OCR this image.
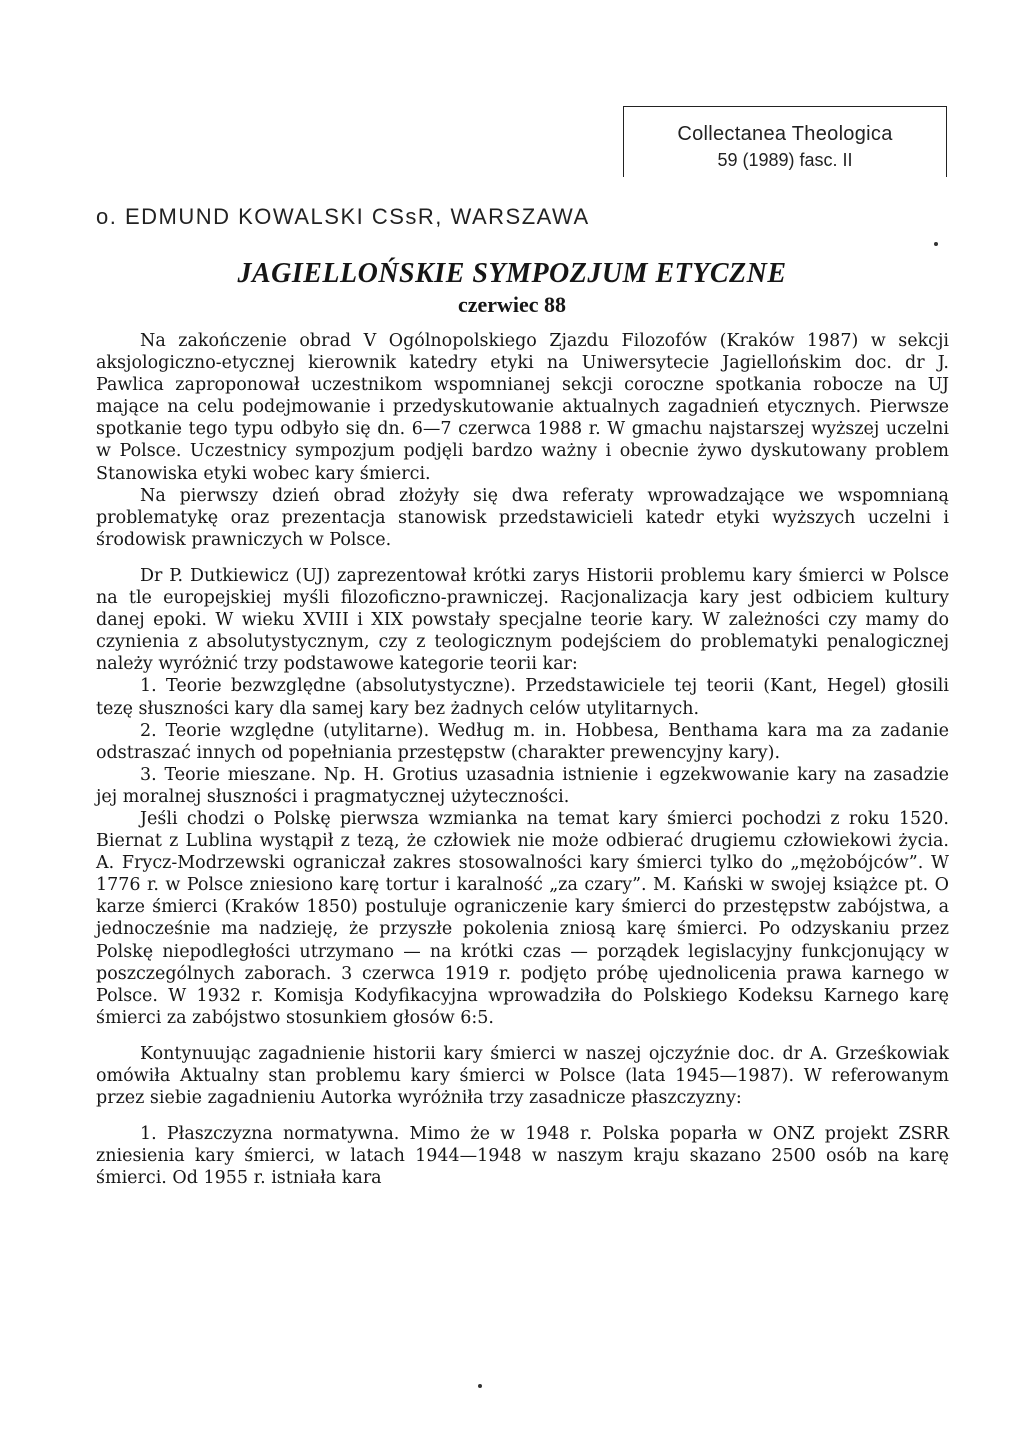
Collectanea Theologica
59 (1989) fasc. II
o. EDMUND KOWALSKI CSsR, WARSZAWA
JAGIELLOŃSKIE SYMPOZJUM ETYCZNE
czerwiec 88

Na zakończenie obrad V Ogólnopolskiego Zjazdu Filozofów (Kraków 1987) w sekcji aksjologiczno-etycznej kierownik katedry etyki na Uniwersytecie Jagiellońskim doc. dr J. Pawlica zaproponował uczestnikom wspomnianej sekcji coroczne spotkania robocze na UJ mające na celu podejmowanie i przedyskutowanie aktualnych zagadnień etycznych. Pierwsze spotkanie tego typu odbyło się dn. 6—7 czerwca 1988 r. W gmachu najstarszej wyższej uczelni w Polsce. Uczestnicy sympozjum podjęli bardzo ważny i obecnie żywo dyskutowany problem Stanowiska etyki wobec kary śmierci.

Na pierwszy dzień obrad złożyły się dwa referaty wprowadzające we wspomnianą problematykę oraz prezentacja stanowisk przedstawicieli katedr etyki wyższych uczelni i środowisk prawniczych w Polsce.

Dr P. Dutkiewicz (UJ) zaprezentował krótki zarys Historii problemu kary śmierci w Polsce na tle europejskiej myśli filozoficzno-prawniczej. Racjonalizacja kary jest odbiciem kultury danej epoki. W wieku XVIII i XIX powstały specjalne teorie kary. W zależności czy mamy do czynienia z absolutystycznym, czy z teologicznym podejściem do problematyki penalogicznej należy wyróżnić trzy podstawowe kategorie teorii kar:

1. Teorie bezwzględne (absolutystyczne). Przedstawiciele tej teorii (Kant, Hegel) głosili tezę słuszności kary dla samej kary bez żadnych celów utylitarnych.

2. Teorie względne (utylitarne). Według m. in. Hobbesa, Benthama kara ma za zadanie odstraszać innych od popełniania przestępstw (charakter prewencyjny kary).

3. Teorie mieszane. Np. H. Grotius uzasadnia istnienie i egzekwowanie kary na zasadzie jej moralnej słuszności i pragmatycznej użyteczności.

Jeśli chodzi o Polskę pierwsza wzmianka na temat kary śmierci pochodzi z roku 1520. Biernat z Lublina wystąpił z tezą, że człowiek nie może odbierać drugiemu człowiekowi życia. A. Frycz-Modrzewski ograniczał zakres stosowalności kary śmierci tylko do „mężobójców”. W 1776 r. w Polsce zniesiono karę tortur i karalność „za czary”. M. Kański w swojej książce pt. O karze śmierci (Kraków 1850) postuluje ograniczenie kary śmierci do przestępstw zabójstwa, a jednocześnie ma nadzieję, że przyszłe pokolenia zniosą karę śmierci. Po odzyskaniu przez Polskę niepodległości utrzymano — na krótki czas — porządek legislacyjny funkcjonujący w poszczególnych zaborach. 3 czerwca 1919 r. podjęto próbę ujednolicenia prawa karnego w Polsce. W 1932 r. Komisja Kodyfikacyjna wprowadziła do Polskiego Kodeksu Karnego karę śmierci za zabójstwo stosunkiem głosów 6:5.

Kontynuując zagadnienie historii kary śmierci w naszej ojczyźnie doc. dr A. Grześkowiak omówiła Aktualny stan problemu kary śmierci w Polsce (lata 1945—1987). W referowanym przez siebie zagadnieniu Autorka wyróżniła trzy zasadnicze płaszczyzny:

1. Płaszczyzna normatywna. Mimo że w 1948 r. Polska poparła w ONZ projekt ZSRR zniesienia kary śmierci, w latach 1944—1948 w naszym kraju skazano 2500 osób na karę śmierci. Od 1955 r. istniała kara
